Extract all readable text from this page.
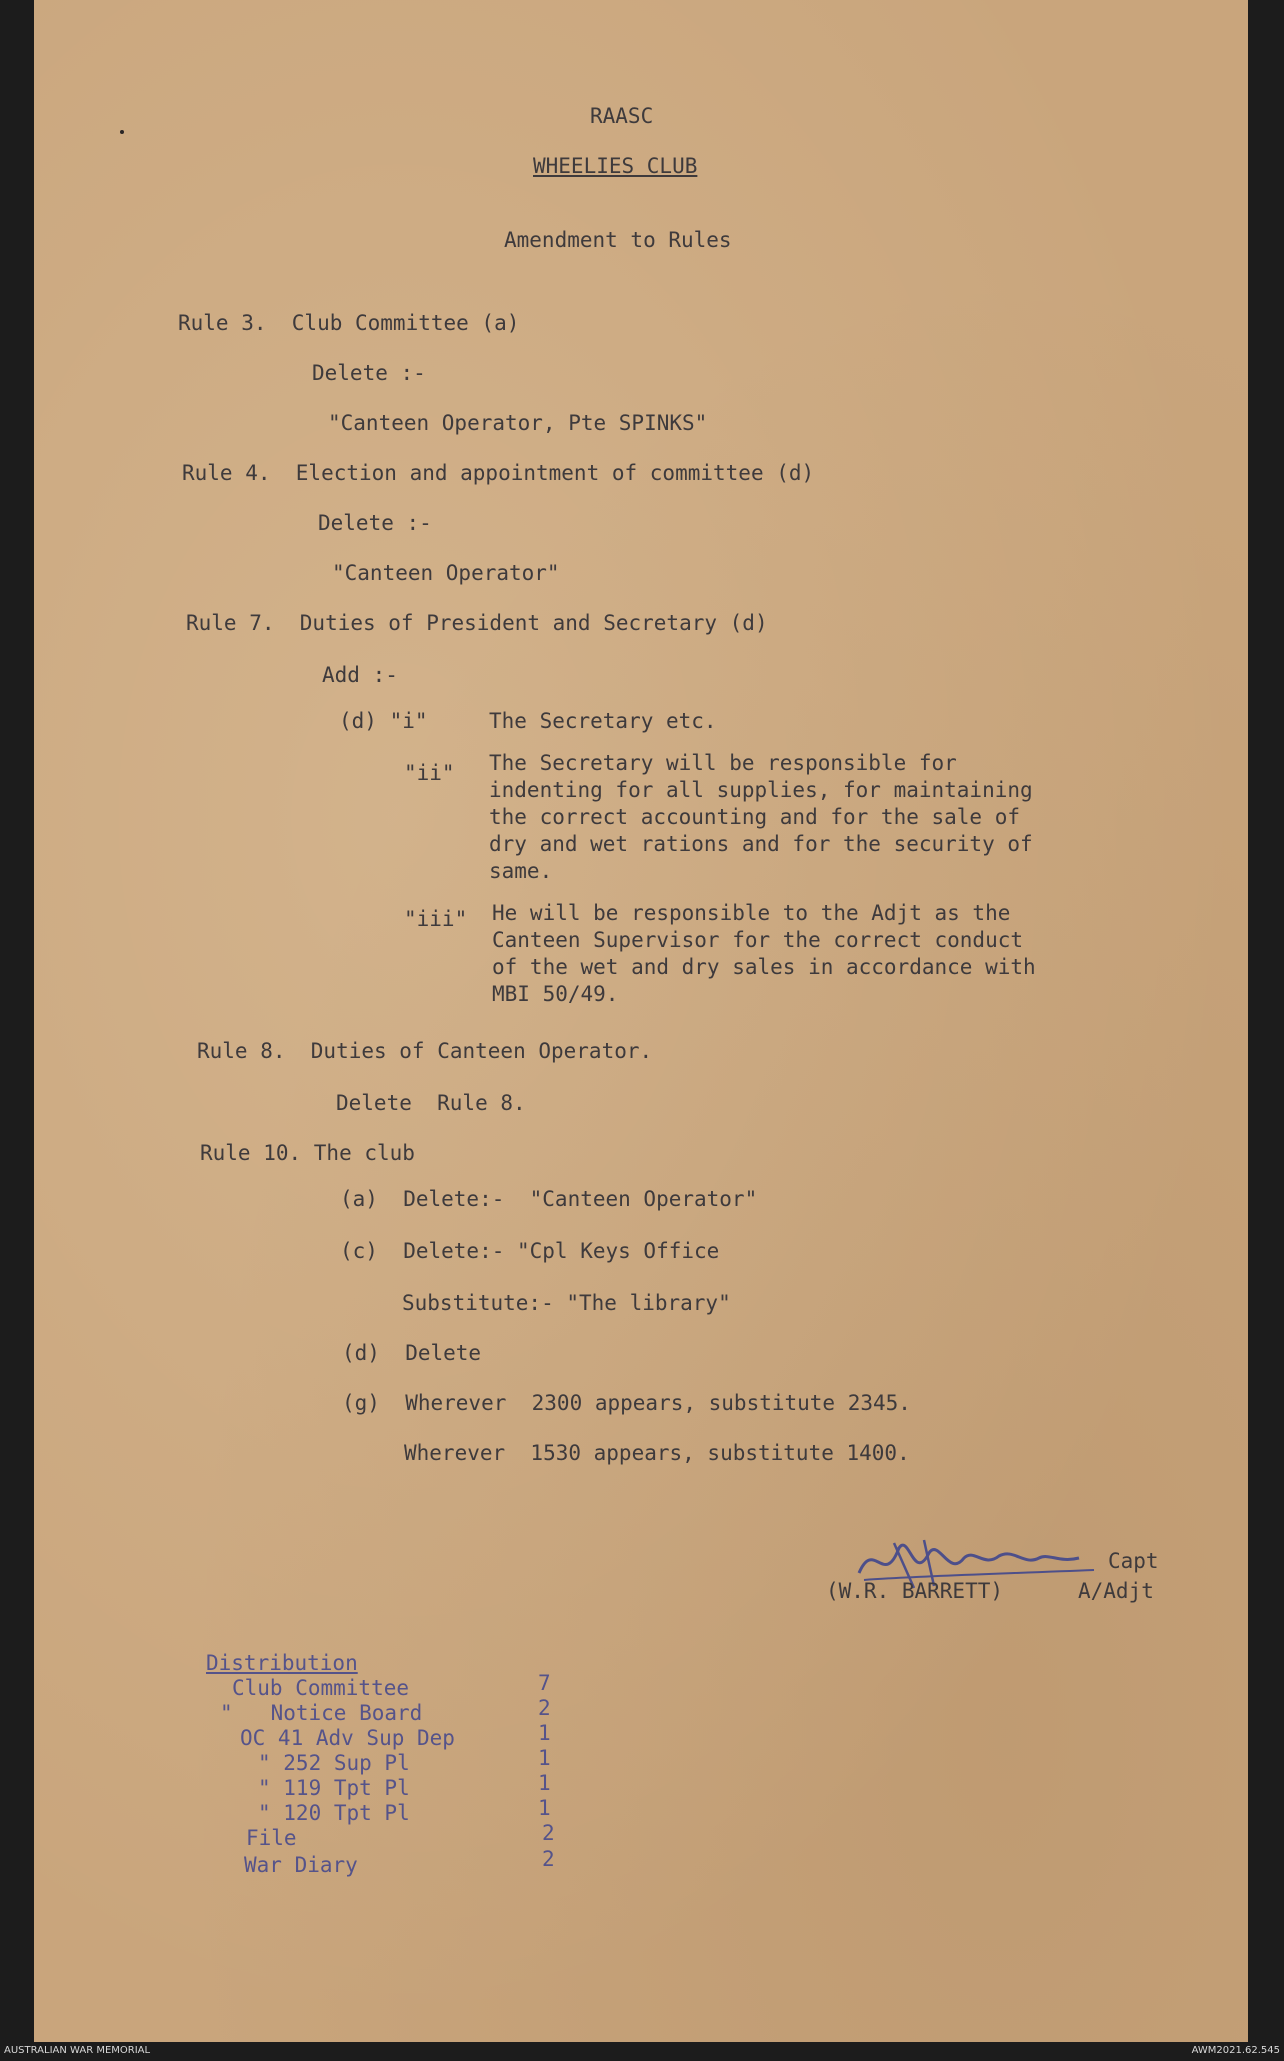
RAASC
WHEELIES CLUB
Amendment to Rules
Rule 3.  Club Committee (a)
Delete :-
"Canteen Operator, Pte SPINKS"
Rule 4.  Election and appointment of committee (d)
Delete :-
"Canteen Operator"
Rule 7.  Duties of President and Secretary (d)
Add :-
(d) "i"	The Secretary etc.
"ii" The Secretary will be responsible for
indenting for all supplies, for maintaining
the correct accounting and for the sale of
dry and wet rations and for the security of
same.
"iii" He will be responsible to the Adjt as the
Canteen Supervisor for the correct conduct
of the wet and dry sales in accordance with
MBI 50/49.
Rule 8.  Duties of Canteen Operator.
Delete  Rule 8.
Rule 10. The club
(a)  Delete:-  "Canteen Operator"
(c)  Delete:- "Cpl Keys Office
Substitute:- "The library"
(d)  Delete
(g)  Wherever  2300 appears, substitute 2345.
Wherever  1530 appears, substitute 1400.
Capt
(W.R. BARRETT)	A/Adjt
Distribution
Club Committee	7
"   Notice Board	2
OC 41 Adv Sup Dep	1
" 252 Sup Pl	1
" 119 Tpt Pl	1
" 120 Tpt Pl	1
File	2
War Diary	2
AUSTRALIAN WAR MEMORIAL	AWM2021.62.545
